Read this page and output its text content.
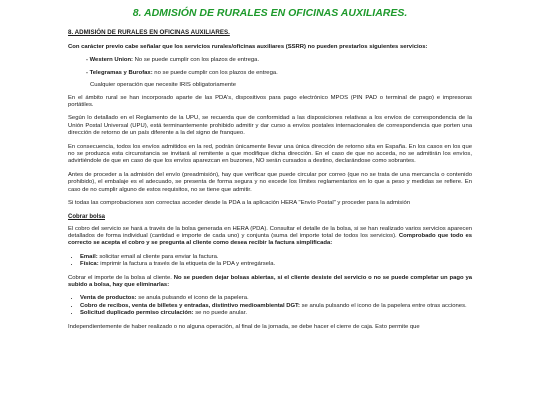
8. ADMISIÓN DE RURALES EN OFICINAS AUXILIARES.
8. ADMISIÓN DE RURALES EN OFICINAS AUXILIARES.

Con carácter previo cabe señalar que los servicios rurales/oficinas auxiliares (SSRR) no pueden prestarlos siguientes servicios:

- Western Union: No se puede cumplir con los plazos de entrega.

- Telegramas y Burofax: no se puede cumplir con los plazos de entrega.

Cualquier operación que necesite IRIS obligatoriamente

En el ámbito rural se han incorporado aparte de las PDA's, dispositivos para pago electrónico MPOS (PIN PAD o terminal de pago) e impresoras portátiles.

Según lo detallado en el Reglamento de la UPU, se recuerda que de conformidad a las disposiciones relativas a los envíos de correspondencia de la Unión Postal Universal (UPU), está terminantemente prohibido admitir y dar curso a envíos postales internacionales de correspondencia que porten una dirección de retorno de un país diferente a la del signo de franqueo.

En consecuencia, todos los envíos admitidos en la red, podrán únicamente llevar una única dirección de retorno sita en España. En los casos en los que no se produzca esta circunstancia se invitará al remitente a que modifique dicha dirección. En el caso de que no acceda, no se admitirán los envíos, advirtiéndole de que en caso de que los envíos aparezcan en buzones, NO serán cursados a destino, declarándose como sobrantes.

Antes de proceder a la admisión del envío (preadmisión), hay que verificar que puede circular por correo (que no se trata de una mercancía o contenido prohibido), el embalaje es el adecuado, se presenta de forma segura y no excede los límites reglamentarios en lo que a peso y medidas se refiere. En caso de no cumplir alguno de estos requisitos, no se tiene que admitir.

Si todas las comprobaciones son correctas acceder desde la PDA a la aplicación HERA "Envío Postal" y proceder para la admisión

Cobrar bolsa

El cobro del servicio se hará a través de la bolsa generada en HERA (PDA). Consultar el detalle de la bolsa, si se han realizado varios servicios aparecen detallados de forma individual (cantidad e importe de cada uno) y conjunta (suma del importe total de todos los servicios). Comprobado que todo es correcto se acepta el cobro y se pregunta al cliente como desea recibir la factura simplificada:

• Email: solicitar email al cliente para enviar la factura.
• Física: imprimir la factura a través de la etiqueta de la PDA y entregársela.

Cobrar el importe de la bolsa al cliente. No se pueden dejar bolsas abiertas, si el cliente desiste del servicio o no se puede completar un pago ya subido a bolsa, hay que eliminarlas:

• Venta de productos: se anula pulsando el icono de la papelera.
• Cobro de recibos, venta de billetes y entradas, distintivo medioambiental DGT: se anula pulsando el icono de la papelera entre otras acciones.
• Solicitud duplicado permiso circulación: se no puede anular.

Independientemente de haber realizado o no alguna operación, al final de la jornada, se debe hacer el cierre de caja. Esto permite que
